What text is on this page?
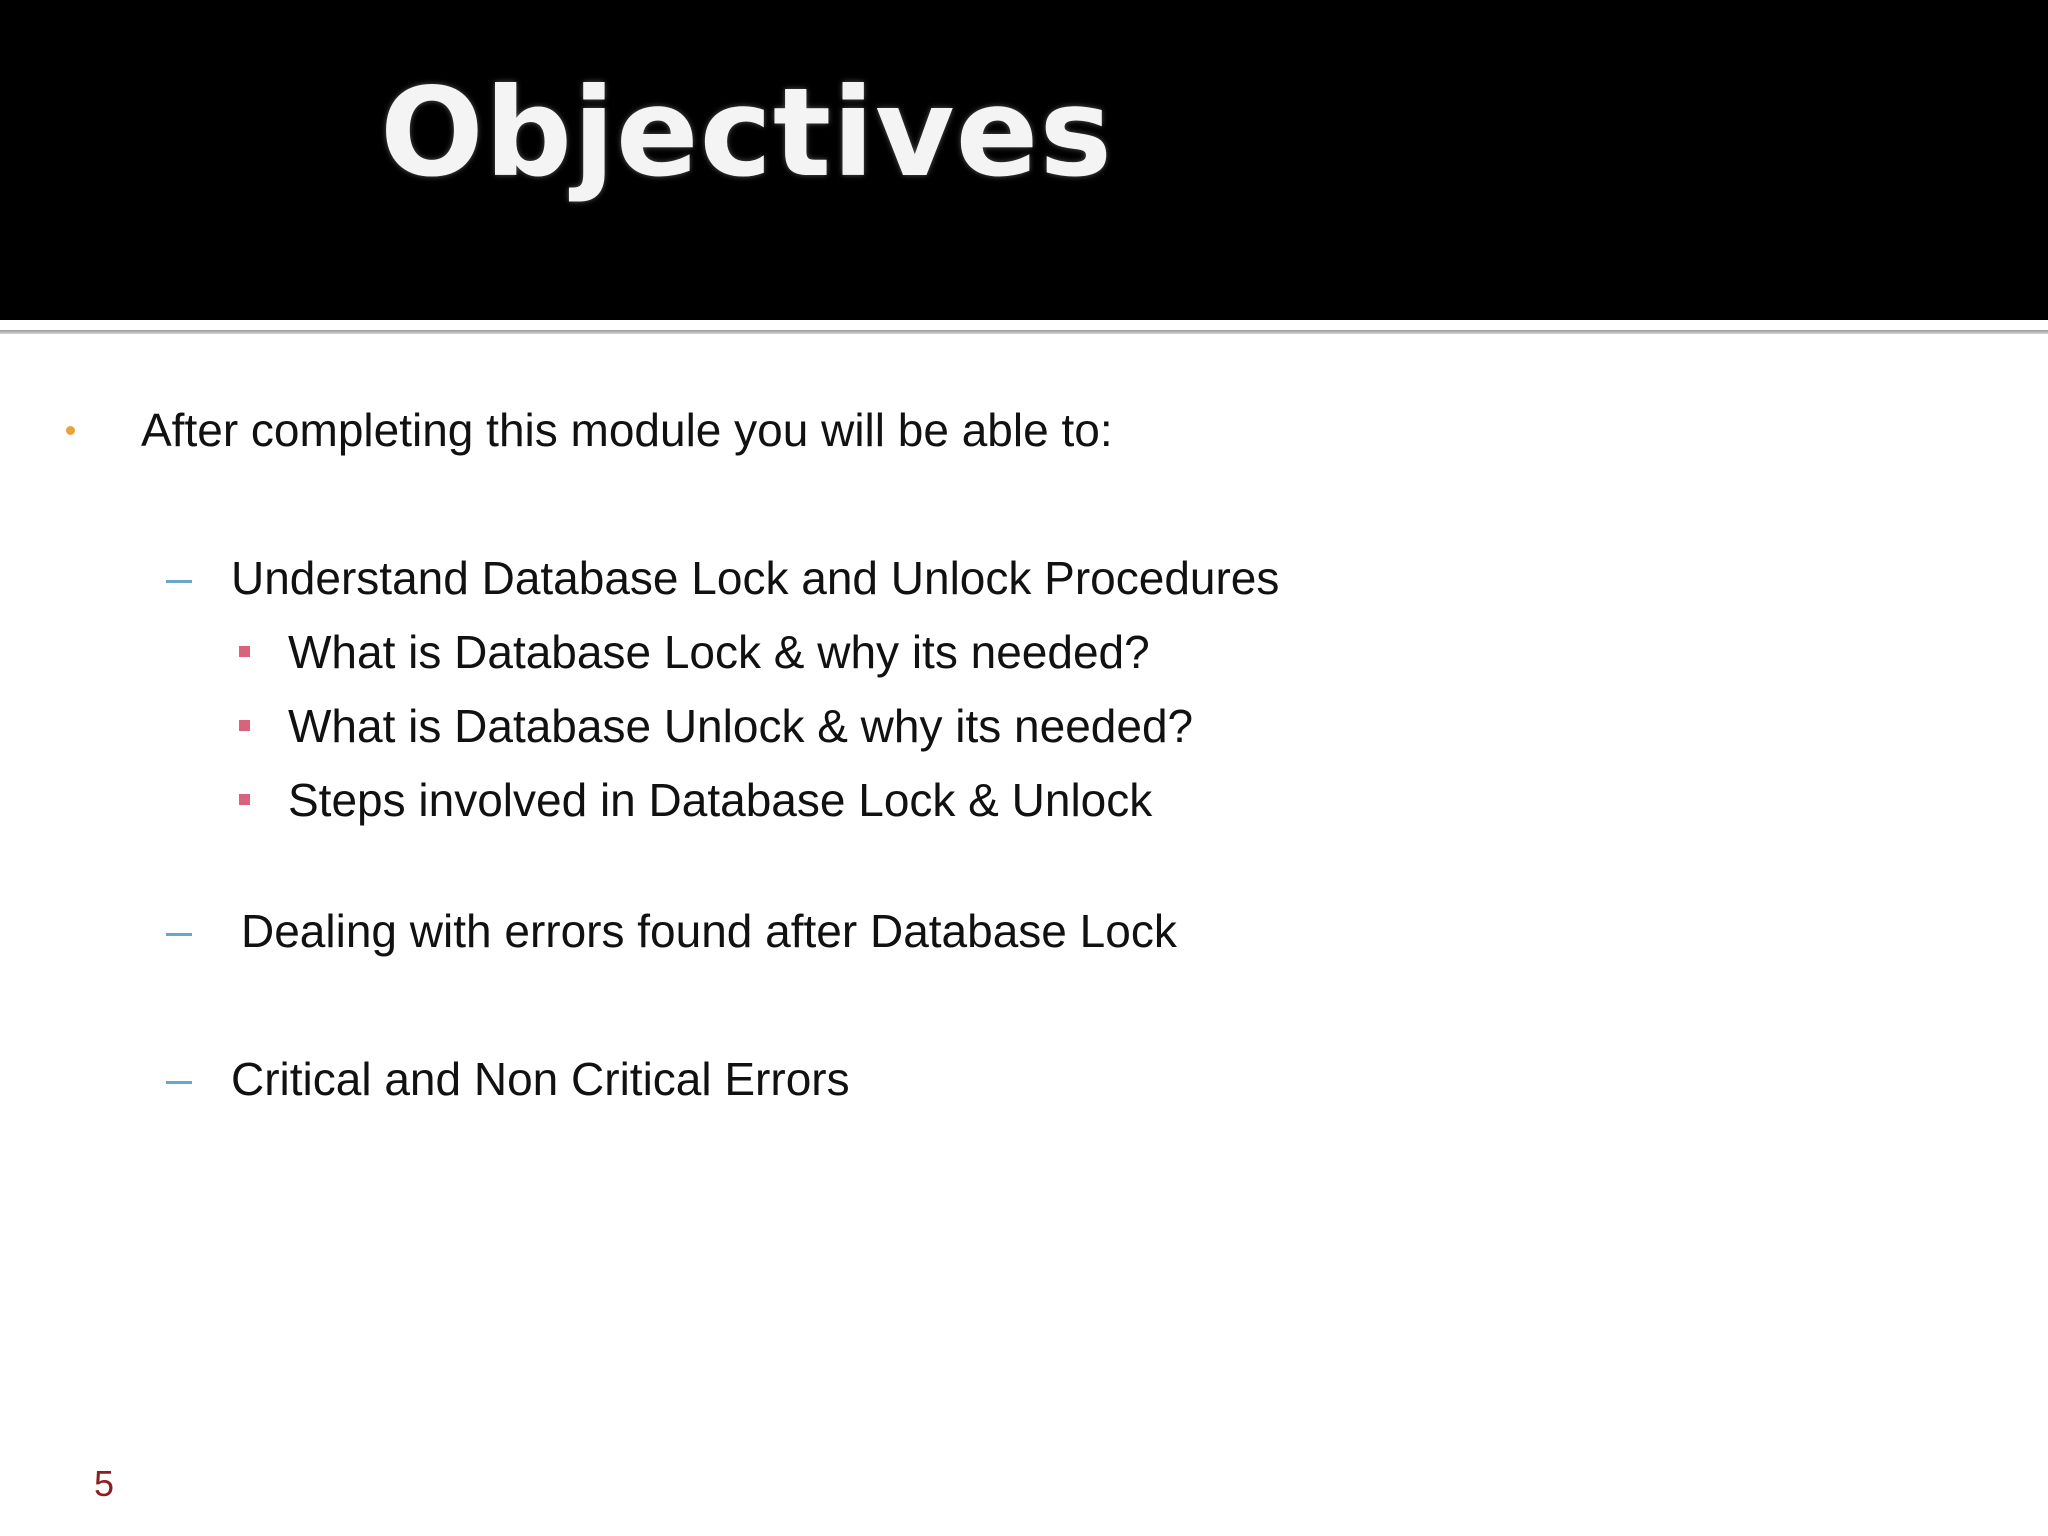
Objectives
After completing this module you will be able to:
Understand Database Lock and Unlock Procedures
What is Database Lock & why its needed?
What is Database Unlock & why its needed?
Steps involved in Database Lock & Unlock
Dealing with errors found after Database Lock
Critical and Non Critical Errors
5
